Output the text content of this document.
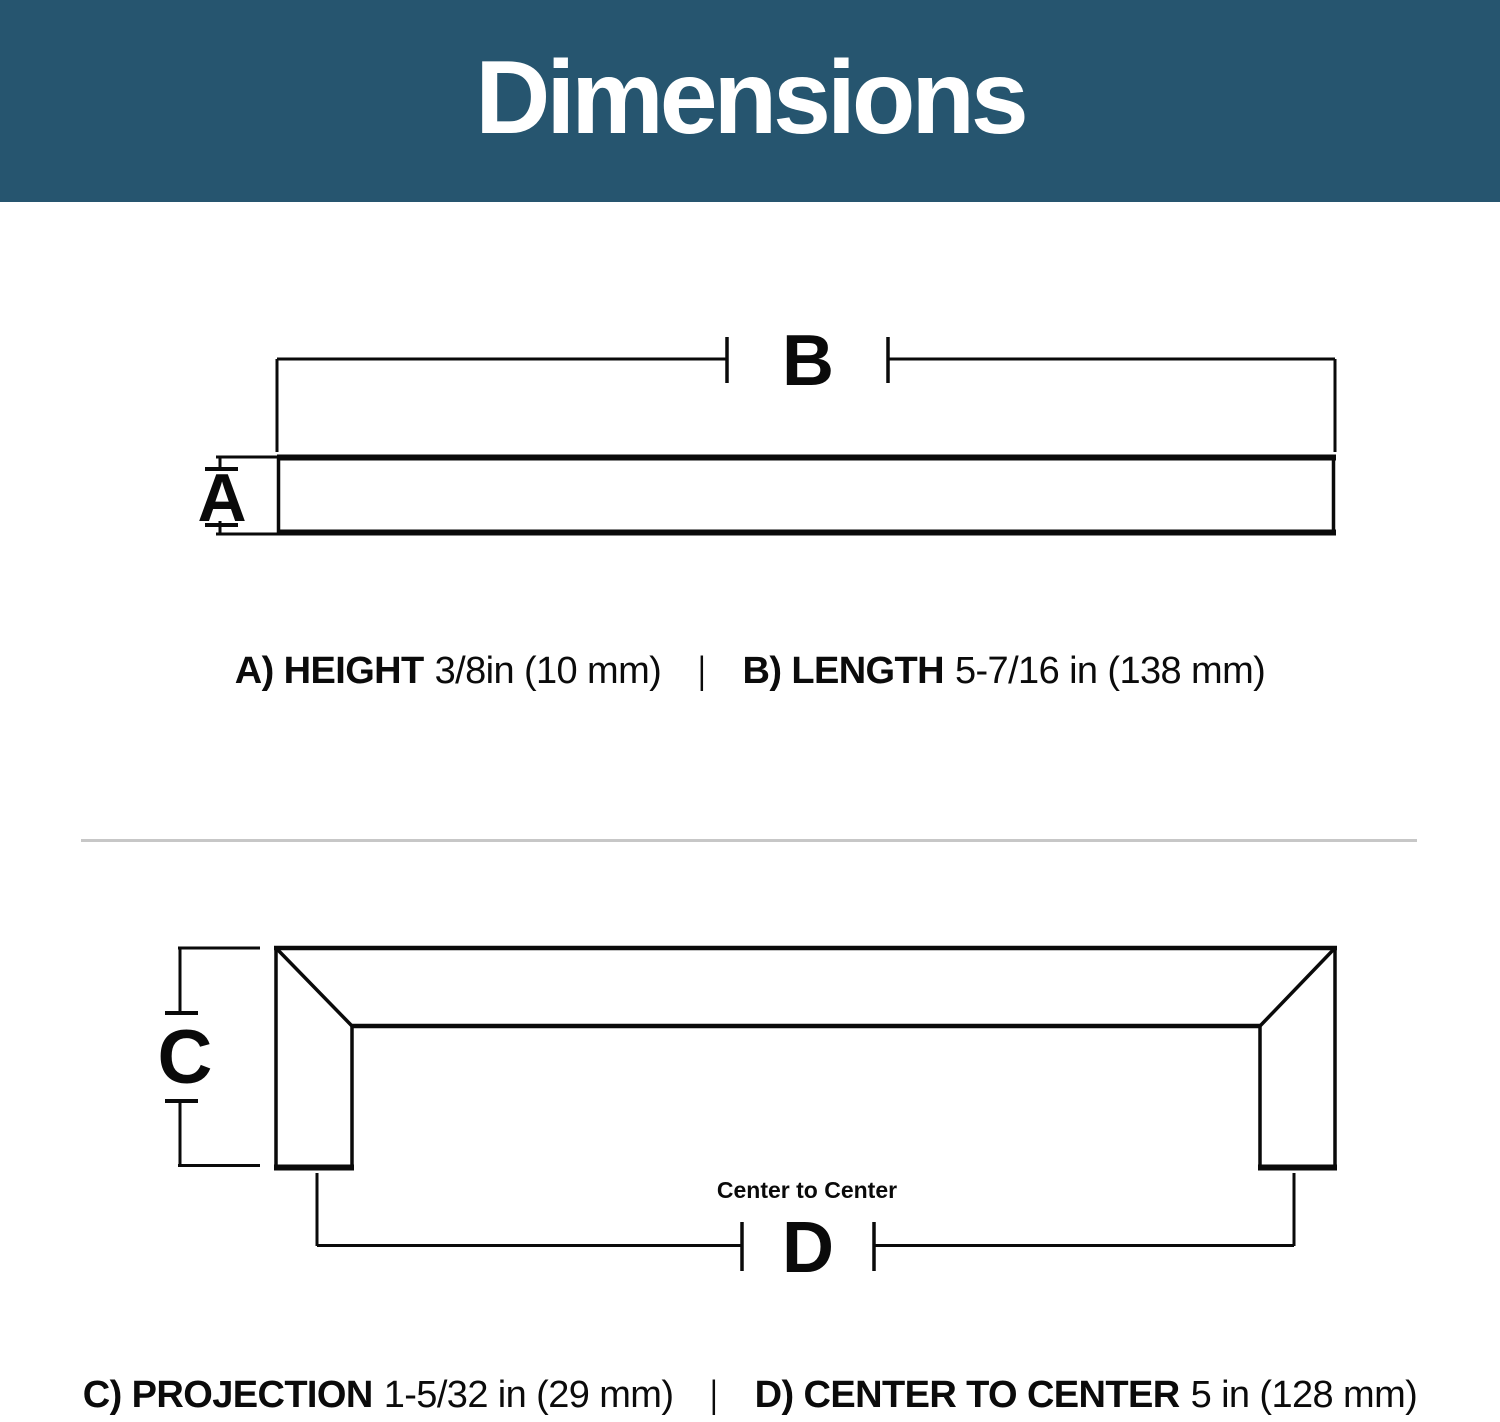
Dimensions
B
A
C
D
Center to Center
A) HEIGHT 3/8in (10 mm) | B) LENGTH 5-7/16 in (138 mm)
C) PROJECTION 1-5/32 in (29 mm) | D) CENTER TO CENTER 5 in (128 mm)
